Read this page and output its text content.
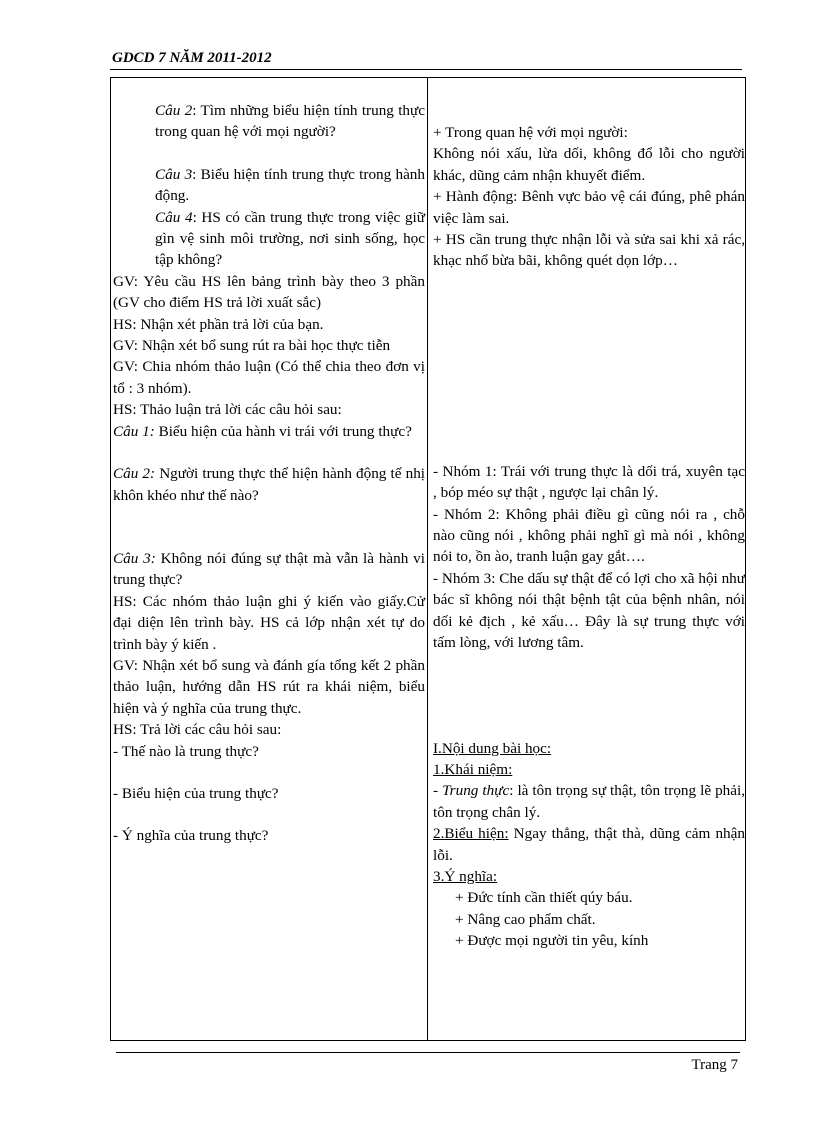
GDCD 7 NĂM 2011-2012

Câu 2: Tìm những biểu hiện tính trung thực trong quan hệ với mọi người?

Câu 3: Biểu hiện tính trung thực trong hành động.

Câu 4: HS có cần trung thực trong việc giữ gìn vệ sinh môi trường, nơi sinh sống, học tập không?

GV: Yêu cầu HS lên bảng trình bày theo 3 phần (GV cho điểm HS trả lời xuất sắc)

HS: Nhận xét phần trả lời của bạn.

GV: Nhận xét bổ sung rút ra bài học thực tiễn

GV: Chia nhóm thảo luận (Có thể chia theo đơn vị tổ : 3 nhóm).

HS: Thảo luận trả lời các câu hỏi sau:

Câu 1: Biểu hiện của hành vi trái với trung thực?

Câu 2: Người trung thực thể hiện hành động tế nhị khôn khéo như thế nào?

Câu 3: Không nói đúng sự thật mà vẫn là hành vi trung thực?

HS: Các nhóm thảo luận ghi ý kiến vào giấy.Cử đại diện lên trình bày. HS cả lớp nhận xét tự do trình bày ý kiến .

GV: Nhận xét bổ sung và đánh gía tổng kết 2 phần thảo luận, hướng dẫn HS rút ra khái niệm, biểu hiện và ý nghĩa của trung thực.

HS: Trả lời các câu hỏi sau:

- Thế nào là trung thực?

- Biểu hiện của trung thực?

- Ý nghĩa của trung thực?

+ Trong quan hệ với mọi người:

Không nói xấu, lừa dối, không đổ lỗi cho người khác, dũng cảm nhận khuyết điểm.

+ Hành động: Bênh vực bảo vệ cái đúng, phê phán việc làm sai.

+ HS cần trung thực nhận lỗi và sửa sai khi xả rác, khạc nhổ bừa bãi, không quét dọn lớp…

- Nhóm 1: Trái với trung thực là dối trá, xuyên tạc , bóp méo sự thật , ngược lại chân lý.

- Nhóm 2: Không phải điều gì cũng nói ra , chỗ nào cũng nói , không phải nghĩ gì mà nói , không nói to, ồn ào, tranh luận gay gắt….

- Nhóm 3: Che dấu sự thật để có lợi cho xã hội như bác sĩ không nói thật bệnh tật của bệnh nhân, nói dối kẻ địch , kẻ xấu… Đây là sự trung thực với tấm lòng, với lương tâm.

I.Nội dung bài học:

1.Khái niệm:

- Trung thực: là tôn trọng sự thật, tôn trọng lẽ phải, tôn trọng chân lý.

2.Biểu hiện: Ngay thẳng, thật thà, dũng cảm nhận lỗi.

3.Ý nghĩa:

+ Đức tính cần thiết qúy báu.

+ Nâng cao phẩm chất.

+ Được mọi người tin yêu, kính

Trang 7
